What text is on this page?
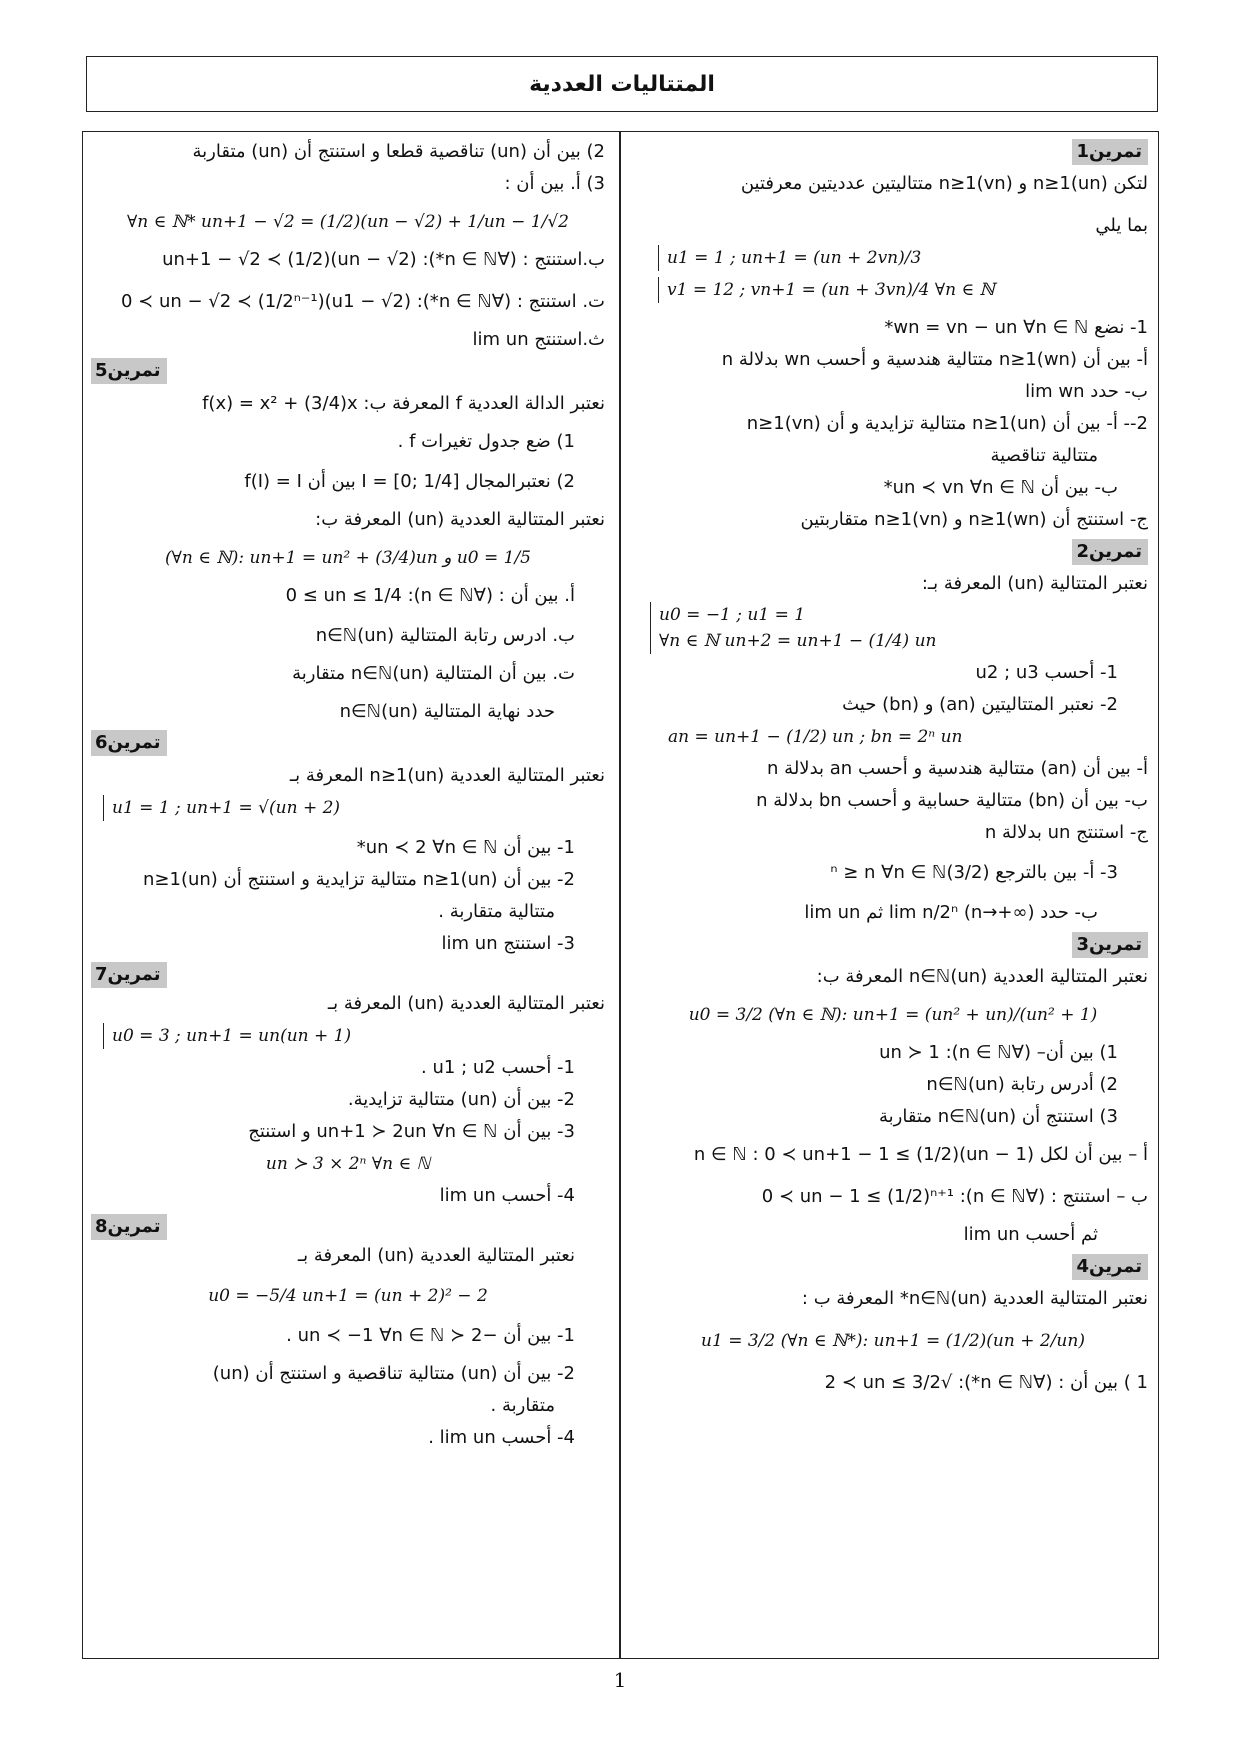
المتتاليات العددية
تمرين1
لتكن (un)n≥1 و (vn)n≥1 متتاليتين عدديتين معرفتين
بما يلي
u1 = 1 ; un+1 = (un + 2vn)/3
v1 = 12 ; vn+1 = (un + 3vn)/4 ∀n ∈ ℕ
1- نضع wn = vn − un ∀n ∈ ℕ*
أ- بين أن (wn)n≥1 متتالية هندسية و أحسب wn بدلالة n
ب- حدد lim wn
2-- أ- بين أن (un)n≥1 متتالية تزايدية و أن (vn)n≥1
متتالية تناقصية
ب- بين أن un ≺ vn ∀n ∈ ℕ*
ج- استنتج أن (wn)n≥1 و (vn)n≥1 متقاربتين
تمرين2
نعتبر المتتالية (un) المعرفة بـ:
u0 = −1 ; u1 = 1
∀n ∈ ℕ un+2 = un+1 − (1/4) un
1- أحسب u2 ; u3
2- نعتبر المتتاليتين (an) و (bn) حيث
an = un+1 − (1/2) un ; bn = 2ⁿ un
أ- بين أن (an) متتالية هندسية و أحسب an بدلالة n
ب- بين أن (bn) متتالية حسابية و أحسب bn بدلالة n
ج- استنتج un بدلالة n
3- أ- بين بالترجع (3/2)ⁿ ≥ n ∀n ∈ ℕ
ب- حدد lim n/2ⁿ (n→+∞) ثم lim un
تمرين3
نعتبر المتتالية العددية (un)n∈ℕ المعرفة ب:
u0 = 3/2 (∀n ∈ ℕ): un+1 = (un² + un)/(un² + 1)
1) بين أن– (∀n ∈ ℕ): un ≻ 1
2) أدرس رتابة (un)n∈ℕ
3) استنتج أن (un)n∈ℕ متقاربة
أ – بين أن لكل n ∈ ℕ : 0 ≺ un+1 − 1 ≤ (1/2)(un − 1)
ب – استنتج : (∀n ∈ ℕ): 0 ≺ un − 1 ≤ (1/2)ⁿ⁺¹
ثم أحسب lim un
تمرين4
نعتبر المتتالية العددية (un)n∈ℕ* المعرفة ب :
u1 = 3/2 (∀n ∈ ℕ*): un+1 = (1/2)(un + 2/un)
1 ) بين أن : (∀n ∈ ℕ*): √2 ≺ un ≤ 3/2
2) بين أن (un) تناقصية قطعا و استنتج أن (un) متقاربة
3) أ. بين أن :
∀n ∈ ℕ* un+1 − √2 = (1/2)(un − √2) + 1/un − 1/√2
ب.استنتج : (∀n ∈ ℕ*): un+1 − √2 ≺ (1/2)(un − √2)
ت. استنتج : (∀n ∈ ℕ*): 0 ≺ un − √2 ≺ (1/2ⁿ⁻¹)(u1 − √2)
ث.استنتج lim un
تمرين5
نعتبر الدالة العددية f المعرفة ب: f(x) = x² + (3/4)x
1) ضع جدول تغيرات f .
2) نعتبرالمجال I = [0; 1/4] بين أن f(I) = I
نعتبر المتتالية العددية (un) المعرفة ب:
(∀n ∈ ℕ): un+1 = un² + (3/4)un و u0 = 1/5
أ. بين أن : (∀n ∈ ℕ): 0 ≤ un ≤ 1/4
ب. ادرس رتابة المتتالية (un)n∈ℕ
ت. بين أن المتتالية (un)n∈ℕ متقاربة
حدد نهاية المتتالية (un)n∈ℕ
تمرين6
نعتبر المتتالية العددية (un)n≥1 المعرفة بـ
u1 = 1 ; un+1 = √(un + 2)
1- بين أن un ≺ 2 ∀n ∈ ℕ*
2- بين أن (un)n≥1 متتالية تزايدية و استنتج أن (un)n≥1
متتالية متقاربة .
3- استنتج lim un
تمرين7
نعتبر المتتالية العددية (un) المعرفة بـ
u0 = 3 ; un+1 = un(un + 1)
1- أحسب u1 ; u2 .
2- بين أن (un) متتالية تزايدية.
3- بين أن un+1 ≻ 2un ∀n ∈ ℕ و استنتج
un ≻ 3 × 2ⁿ ∀n ∈ ℕ
4- أحسب lim un
تمرين8
نعتبر المتتالية العددية (un) المعرفة بـ
u0 = −5/4 un+1 = (un + 2)² − 2
1- بين أن −2 ≺ un ≺ −1 ∀n ∈ ℕ .
2- بين أن (un) متتالية تناقصية و استنتج أن (un)
متقاربة .
4- أحسب lim un .
1
